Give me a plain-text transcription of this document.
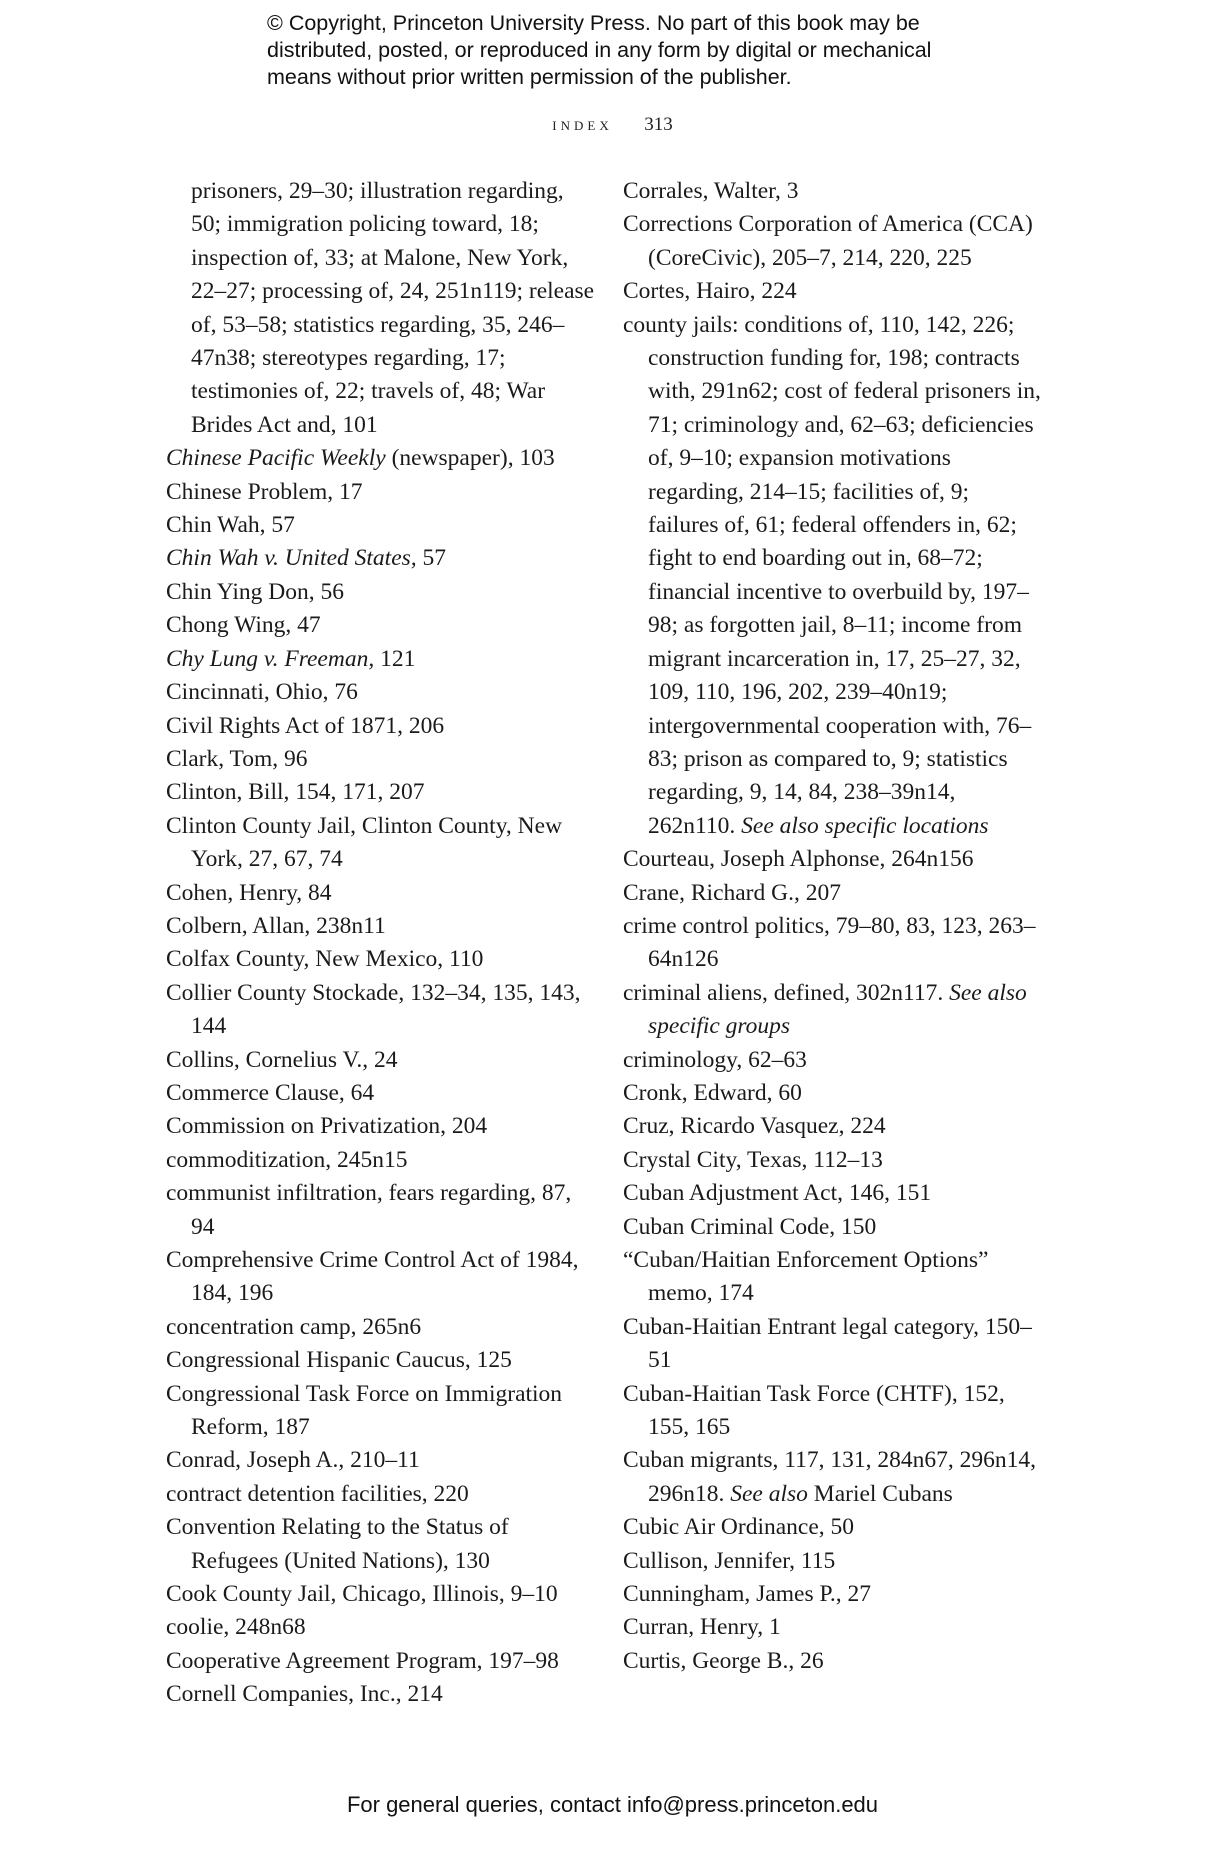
© Copyright, Princeton University Press. No part of this book may be

distributed, posted, or reproduced in any form by digital or mechanical

means without prior written permission of the publisher.

index 313

prisoners, 29–30; illustration regarding, 50; immigration policing toward, 18; inspection of, 33; at Malone, New York, 22–27; processing of, 24, 251n119; release of, 53–58; statistics regarding, 35, 246–47n38; stereotypes regarding, 17; testimonies of, 22; travels of, 48; War Brides Act and, 101

Chinese Pacific Weekly (newspaper), 103

Chinese Problem, 17

Chin Wah, 57

Chin Wah v. United States, 57

Chin Ying Don, 56

Chong Wing, 47

Chy Lung v. Freeman, 121

Cincinnati, Ohio, 76

Civil Rights Act of 1871, 206

Clark, Tom, 96

Clinton, Bill, 154, 171, 207

Clinton County Jail, Clinton County, New York, 27, 67, 74

Cohen, Henry, 84

Colbern, Allan, 238n11

Colfax County, New Mexico, 110

Collier County Stockade, 132–34, 135, 143, 144

Collins, Cornelius V., 24

Commerce Clause, 64

Commission on Privatization, 204

commoditization, 245n15

communist infiltration, fears regarding, 87, 94

Comprehensive Crime Control Act of 1984, 184, 196

concentration camp, 265n6

Congressional Hispanic Caucus, 125

Congressional Task Force on Immigration Reform, 187

Conrad, Joseph A., 210–11

contract detention facilities, 220

Convention Relating to the Status of Refugees (United Nations), 130

Cook County Jail, Chicago, Illinois, 9–10

coolie, 248n68

Cooperative Agreement Program, 197–98

Cornell Companies, Inc., 214

Corrales, Walter, 3

Corrections Corporation of America (CCA) (CoreCivic), 205–7, 214, 220, 225

Cortes, Hairo, 224

county jails: conditions of, 110, 142, 226; construction funding for, 198; contracts with, 291n62; cost of federal prisoners in, 71; criminology and, 62–63; deficiencies of, 9–10; expansion motivations regarding, 214–15; facilities of, 9; failures of, 61; federal offenders in, 62; fight to end boarding out in, 68–72; financial incentive to overbuild by, 197–98; as forgotten jail, 8–11; income from migrant incarceration in, 17, 25–27, 32, 109, 110, 196, 202, 239–40n19; intergovernmental cooperation with, 76–83; prison as compared to, 9; statistics regarding, 9, 14, 84, 238–39n14, 262n110. See also specific locations

Courteau, Joseph Alphonse, 264n156

Crane, Richard G., 207

crime control politics, 79–80, 83, 123, 263–64n126

criminal aliens, defined, 302n117. See also specific groups

criminology, 62–63

Cronk, Edward, 60

Cruz, Ricardo Vasquez, 224

Crystal City, Texas, 112–13

Cuban Adjustment Act, 146, 151

Cuban Criminal Code, 150

“Cuban/Haitian Enforcement Options” memo, 174

Cuban-Haitian Entrant legal category, 150–51

Cuban-Haitian Task Force (CHTF), 152, 155, 165

Cuban migrants, 117, 131, 284n67, 296n14, 296n18. See also Mariel Cubans

Cubic Air Ordinance, 50

Cullison, Jennifer, 115

Cunningham, James P., 27

Curran, Henry, 1

Curtis, George B., 26

For general queries, contact info@press.princeton.edu
